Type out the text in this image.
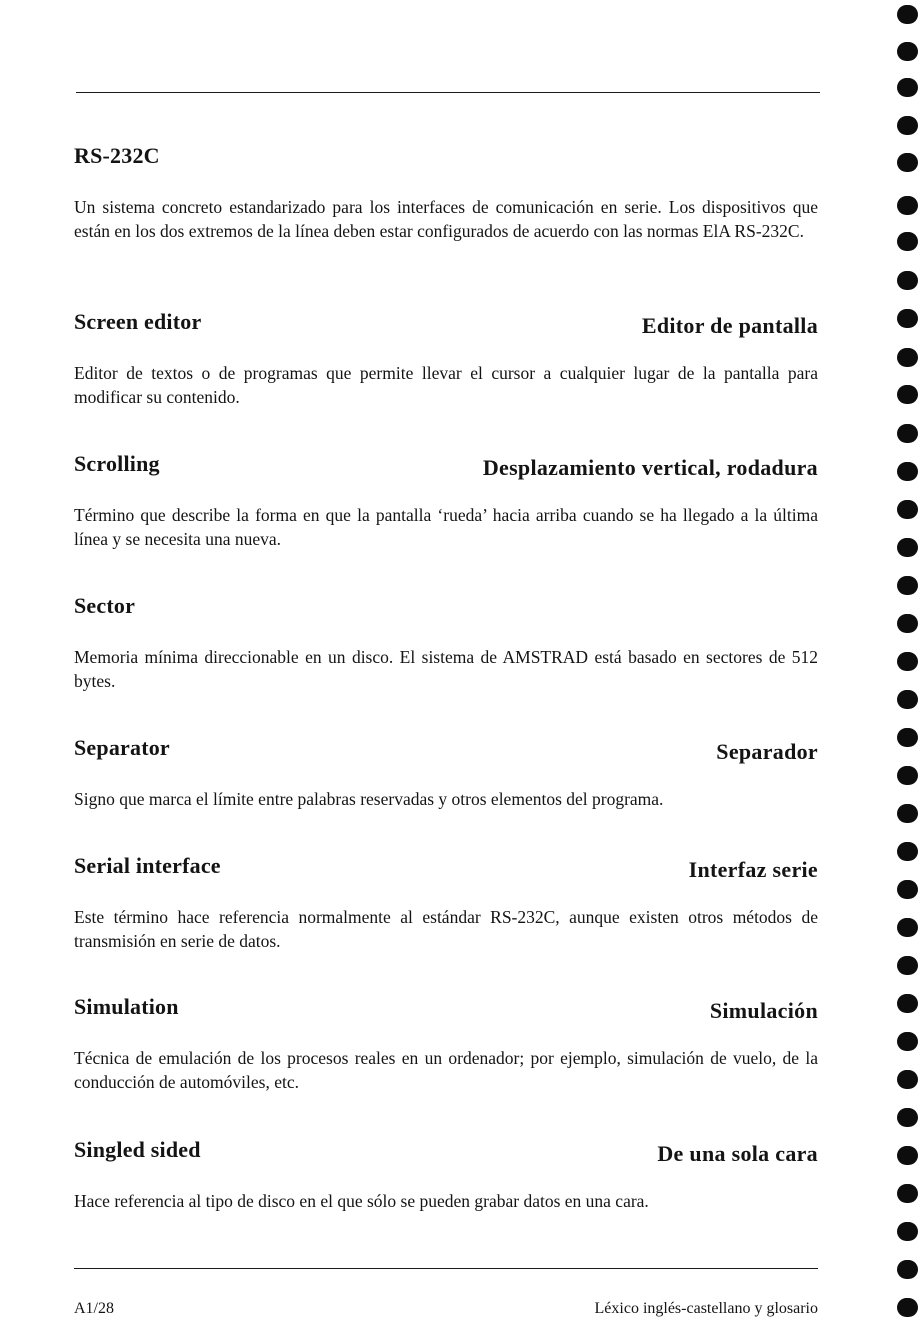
RS-232C

Un sistema concreto estandarizado para los interfaces de comunicación en serie. Los dispositivos que están en los dos extremos de la línea deben estar configurados de acuerdo con las normas ElA RS-232C.

Screen editor	Editor de pantalla

Editor de textos o de programas que permite llevar el cursor a cualquier lugar de la pantalla para modificar su contenido.

Scrolling	Desplazamiento vertical, rodadura

Término que describe la forma en que la pantalla ‘rueda’ hacia arriba cuando se ha llegado a la última línea y se necesita una nueva.

Sector

Memoria mínima direccionable en un disco. El sistema de AMSTRAD está basado en sectores de 512 bytes.

Separator	Separador

Signo que marca el límite entre palabras reservadas y otros elementos del programa.

Serial interface	Interfaz serie

Este término hace referencia normalmente al estándar RS-232C, aunque existen otros métodos de transmisión en serie de datos.

Simulation	Simulación

Técnica de emulación de los procesos reales en un ordenador; por ejemplo, simulación de vuelo, de la conducción de automóviles, etc.

Singled sided	De una sola cara

Hace referencia al tipo de disco en el que sólo se pueden grabar datos en una cara.

A1/28	Léxico inglés-castellano y glosario
